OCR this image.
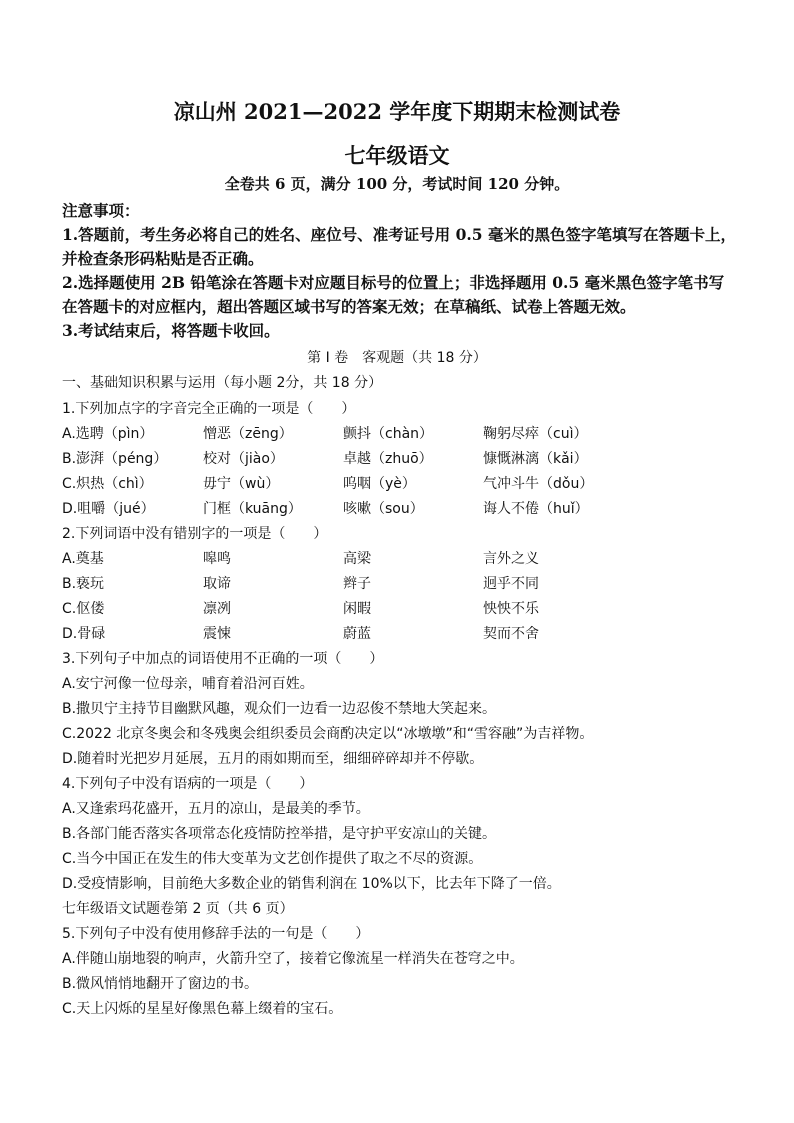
凉山州 2021—2022 学年度下期期末检测试卷
七年级语文
全卷共 6 页，满分 100 分，考试时间 120 分钟。
注意事项：
1.答题前，考生务必将自己的姓名、座位号、准考证号用 0.5 毫米的黑色签字笔填写在答题卡上，
并检查条形码粘贴是否正确。
2.选择题使用 2B 铅笔涂在答题卡对应题目标号的位置上；非选择题用 0.5 毫米黑色签字笔书写
在答题卡的对应框内，超出答题区域书写的答案无效；在草稿纸、试卷上答题无效。
3.考试结束后，将答题卡收回。
第 I 卷　客观题（共 18 分）
一、基础知识积累与运用（每小题 2分，共 18 分）
1.下列加点字的字音完全正确的一项是（　　）
A.选聘（pìn）	憎恶（zēng）	颤抖（chàn）	鞠躬尽瘁（cuì）
B.澎湃（péng）	校对（jiào）	卓越（zhuō）	慷慨淋漓（kǎi）
C.炽热（chì）	毋宁（wù）	呜咽（yè）	气冲斗牛（dǒu）
D.咀嚼（jué）	门框（kuāng）	咳嗽（sou）	诲人不倦（huǐ）
2.下列词语中没有错别字的一项是（　　）
A.奠基	嗥鸣	高梁	言外之义
B.亵玩	取谛	辫子	迥乎不同
C.伛偻	凛冽	闲暇	怏怏不乐
D.骨碌	震悚	蔚蓝	契而不舍
3.下列句子中加点的词语使用不正确的一项（　　）
A.安宁河像一位母亲，哺育着沿河百姓。
B.撒贝宁主持节目幽默风趣，观众们一边看一边忍俊不禁地大笑起来。
C.2022 北京冬奥会和冬残奥会组织委员会商酌决定以“冰墩墩”和“雪容融”为吉祥物。
D.随着时光把岁月延展，五月的雨如期而至，细细碎碎却并不停歇。
4.下列句子中没有语病的一项是（　　）
A.又逢索玛花盛开，五月的凉山，是最美的季节。
B.各部门能否落实各项常态化疫情防控举措，是守护平安凉山的关键。
C.当今中国正在发生的伟大变革为文艺创作提供了取之不尽的资源。
D.受疫情影响，目前绝大多数企业的销售利润在 10%以下，比去年下降了一倍。
七年级语文试题卷第 2 页（共 6 页）
5.下列句子中没有使用修辞手法的一句是（　　）
A.伴随山崩地裂的响声，火箭升空了，接着它像流星一样消失在苍穹之中。
B.微风悄悄地翻开了窗边的书。
C.天上闪烁的星星好像黑色幕上缀着的宝石。
